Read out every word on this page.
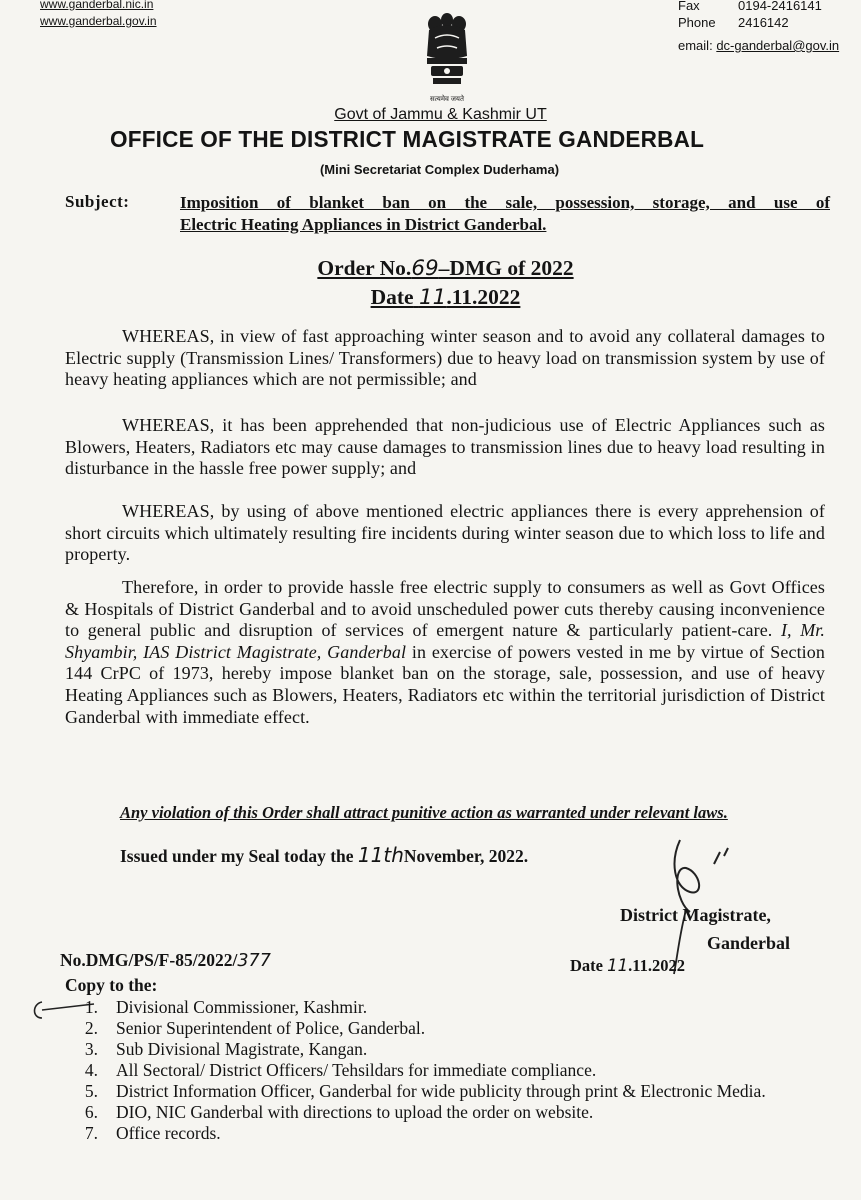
www.ganderbal.nic.in
www.ganderbal.gov.in
सत्यमेव जयते
Fax	0194-2416141
Phone 2416142
email: dc-ganderbal@gov.in
Govt of Jammu & Kashmir UT
OFFICE OF THE DISTRICT MAGISTRATE GANDERBAL
(Mini Secretariat Complex Duderhama)
Subject:	Imposition of blanket ban on the sale, possession, storage, and use of
Electric Heating Appliances in District Ganderbal.
Order No.69–DMG of 2022
Date 11.11.2022
WHEREAS, in view of fast approaching winter season and to avoid any collateral damages to Electric supply (Transmission Lines/ Transformers) due to heavy load on transmission system by use of heavy heating appliances which are not permissible; and
WHEREAS, it has been apprehended that non-judicious use of Electric Appliances such as Blowers, Heaters, Radiators etc may cause damages to transmission lines due to heavy load resulting in disturbance in the hassle free power supply; and
WHEREAS, by using of above mentioned electric appliances there is every apprehension of short circuits which ultimately resulting fire incidents during winter season due to which loss to life and property.
Therefore, in order to provide hassle free electric supply to consumers as well as Govt Offices & Hospitals of District Ganderbal and to avoid unscheduled power cuts thereby causing inconvenience to general public and disruption of services of emergent nature & particularly patient-care. I, Mr. Shyambir, IAS District Magistrate, Ganderbal in exercise of powers vested in me by virtue of Section 144 CrPC of 1973, hereby impose blanket ban on the storage, sale, possession, and use of heavy Heating Appliances such as Blowers, Heaters, Radiators etc within the territorial jurisdiction of District Ganderbal with immediate effect.
Any violation of this Order shall attract punitive action as warranted under relevant laws.
Issued under my Seal today the 11thNovember, 2022.
District Magistrate,
Ganderbal
No.DMG/PS/F-85/2022/377	Date 11.11.2022
Copy to the:
1.	Divisional Commissioner, Kashmir.
2.	Senior Superintendent of Police, Ganderbal.
3.	Sub Divisional Magistrate, Kangan.
4.	All Sectoral/ District Officers/ Tehsildars for immediate compliance.
5.	District Information Officer, Ganderbal for wide publicity through print & Electronic Media.
6.	DIO, NIC Ganderbal with directions to upload the order on website.
7.	Office records.
